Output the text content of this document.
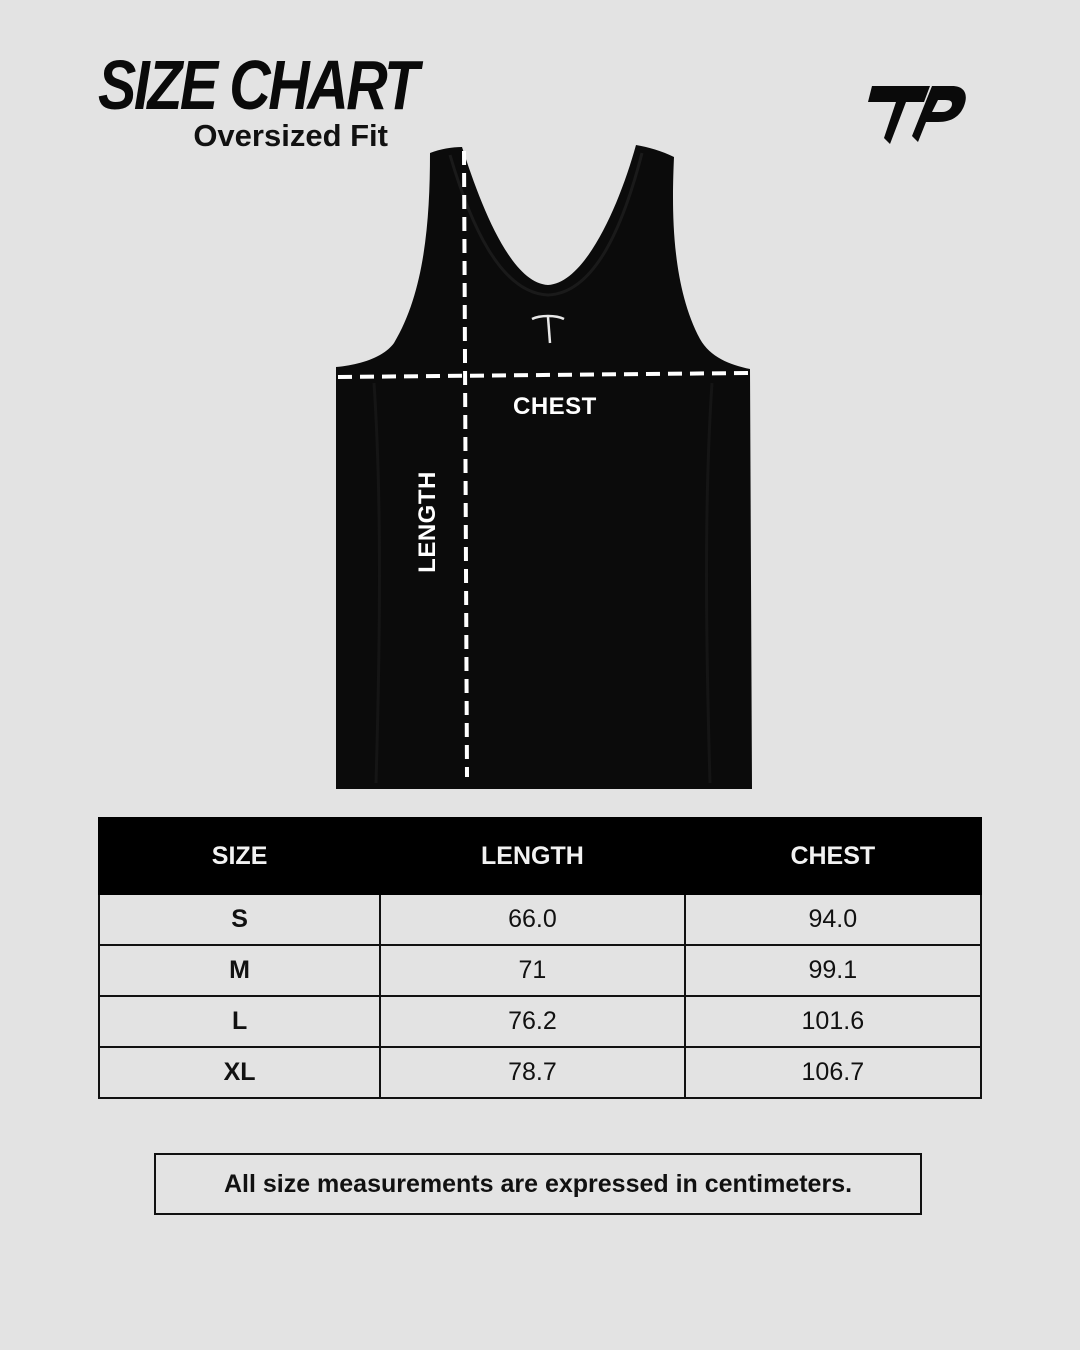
SIZE CHART
Oversized Fit
CHEST
LENGTH
SIZE	LENGTH	CHEST
S	66.0	94.0
M	71	99.1
L	76.2	101.6
XL	78.7	106.7
All size measurements are expressed in centimeters.
